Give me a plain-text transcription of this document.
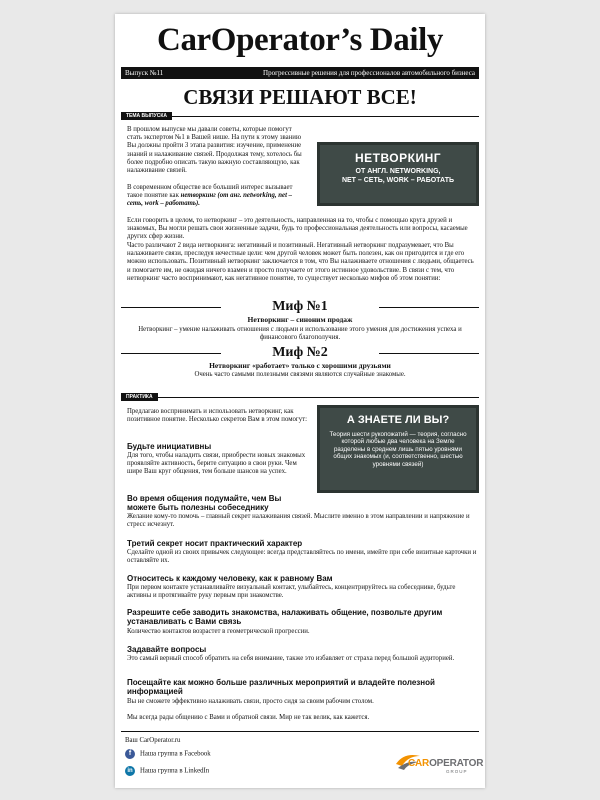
CarOperator’s Daily
Выпуск №11	Прогрессивные решения для профессионалов автомобильного бизнеса
СВЯЗИ РЕШАЮТ ВСЕ!
ТЕМА ВЫПУСКА
В прошлом выпуске мы давали советы, которые помогут стать экспертом №1 в Вашей нише. На пути к этому званию Вы должны пройти 3 этапа развития: изучение, применение знаний и налаживание связей. Продолжая тему, хотелось бы более подробно описать такую важную составляющую, как налаживание связей.
В современном обществе все больший интерес вызывает такое понятие как нетворкинг (от анг. networking, net – сеть, work – работать).
Если говорить в целом, то нетворкинг – это деятельность, направленная на то, чтобы с помощью круга друзей и знакомых, Вы могли решать свои жизненные задачи, будь то профессиональная деятельность или вопросы, касаемые других сфер жизни.
НЕТВОРКИНГ
ОТ АНГЛ. NETWORKING,
NET – СЕТЬ, WORK – РАБОТАТЬ
Часто различают 2 вида нетворкинга: негативный и позитивный. Негативный нетворкинг подразумевает, что Вы налаживаете связи, преследуя нечестные цели: чем другой человек может быть полезен, как он пригодится и где его можно использовать. Позитивный нетворкинг заключается в том, что Вы налаживаете отношения с людьми, общаетесь и помогаете им, не ожидая ничего взамен и просто получаете от этого истинное удовольствие. В связи с тем, что нетворкинг часто воспринимают, как негативное понятие, то существует несколько мифов об этом понятии:
Миф №1
Нетворкинг – синоним продаж
Нетворкинг – умение налаживать отношения с людьми и использование этого умения для достижения успеха и финансового благополучия.
Миф №2
Нетворкинг «работает» только с хорошими друзьями
Очень часто самыми полезными связями являются случайные знакомые.
ПРАКТИКА
Предлагаю воспринимать и использовать нетворкинг, как позитивное понятие. Несколько секретов Вам в этом помогут:	А ЗНАЕТЕ ЛИ ВЫ?
Теория шести рукопожатий — теория, согласно которой любые два человека на Земле разделены в среднем лишь пятью уровнями общих знакомых (и, соответственно, шестью уровнями связей)
Будьте инициативны
Для того, чтобы наладить связи, приобрести новых знакомых проявляйте активность, берите ситуацию в свои руки. Чем шире Ваш круг общения, тем больше шансов на успех.
Во время общения подумайте, чем Вы можете быть полезны собеседнику
Желание кому-то помочь – главный секрет налаживания связей. Мыслите именно в этом направлении и напряжение и стресс исчезнут.
Третий секрет носит практический характер
Сделайте одной из своих привычек следующее: всегда представляйтесь по имени, имейте при себе визитные карточки и оставляйте их.
Относитесь к каждому человеку, как к равному Вам
При первом контакте устанавливайте визуальный контакт, улыбайтесь, концентрируйтесь на собеседнике, будьте активны и протягивайте руку первым при знакомстве.
Разрешите себе заводить знакомства, налаживать общение, позвольте другим устанавливать с Вами связь
Количество контактов возрастет в геометрической прогрессии.
Задавайте вопросы
Это самый верный способ обратить на себя внимание, также это избавляет от страха перед большой аудиторией.
Посещайте как можно больше различных мероприятий и владейте полезной информацией
Вы не сможете эффективно налаживать связи, просто сидя за своим рабочим столом.
Мы всегда рады общению с Вами и обратной связи. Мир не так велик, как кажется.
Ваш CarOperator.ru
f Наша группа в Facebook
in Наша группа в LinkedIn
CAROPERATOR
GROUP
